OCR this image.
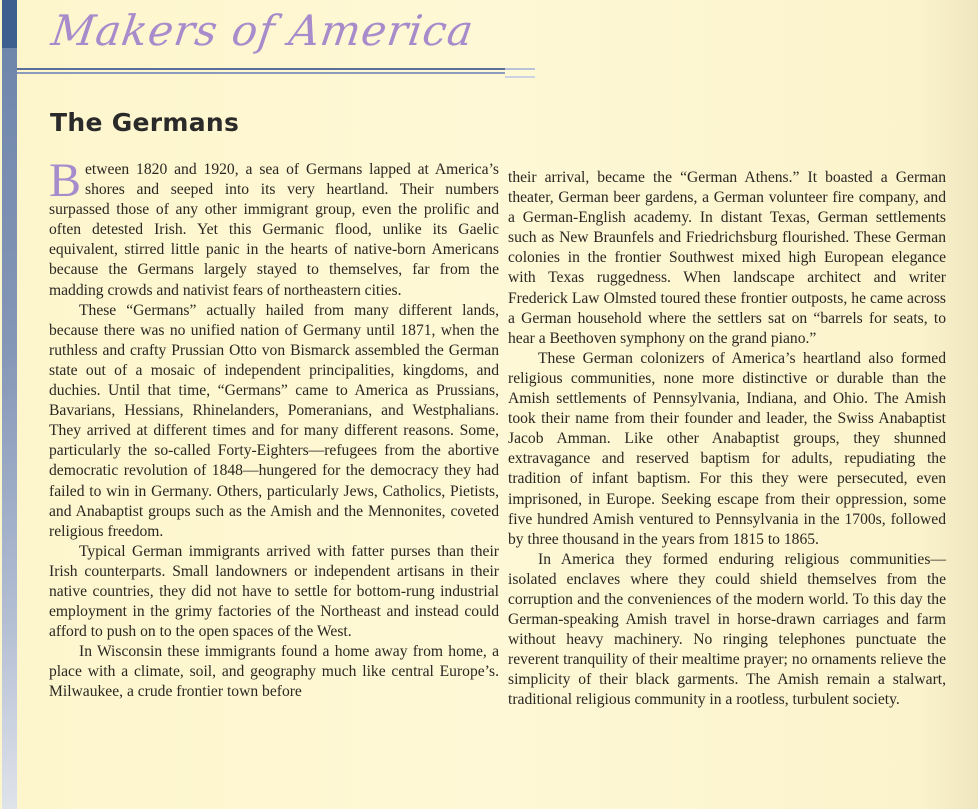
Makers of America
The Germans

Between 1820 and 1920, a sea of Germans lapped at America’s shores and seeped into its very heartland. Their numbers surpassed those of any other immigrant group, even the prolific and often detested Irish. Yet this Germanic flood, unlike its Gaelic equivalent, stirred little panic in the hearts of native-born Americans because the Germans largely stayed to themselves, far from the madding crowds and nativist fears of northeastern cities.

These “Germans” actually hailed from many different lands, because there was no unified nation of Germany until 1871, when the ruthless and crafty Prussian Otto von Bismarck assembled the German state out of a mosaic of independent principalities, kingdoms, and duchies. Until that time, “Germans” came to America as Prussians, Bavarians, Hessians, Rhinelanders, Pomeranians, and Westphalians. They arrived at different times and for many different reasons. Some, particularly the so-called Forty-Eighters—refugees from the abortive democratic revolution of 1848—hungered for the democracy they had failed to win in Germany. Others, particularly Jews, Catholics, Pietists, and Anabaptist groups such as the Amish and the Mennonites, coveted religious freedom.

Typical German immigrants arrived with fatter purses than their Irish counterparts. Small landowners or independent artisans in their native countries, they did not have to settle for bottom-rung industrial employment in the grimy factories of the Northeast and instead could afford to push on to the open spaces of the West.

In Wisconsin these immigrants found a home away from home, a place with a climate, soil, and geography much like central Europe’s. Milwaukee, a crude frontier town before

their arrival, became the “German Athens.” It boasted a German theater, German beer gardens, a German volunteer fire company, and a German-English academy. In distant Texas, German settlements such as New Braunfels and Friedrichsburg flourished. These German colonies in the frontier Southwest mixed high European elegance with Texas ruggedness. When landscape architect and writer Frederick Law Olmsted toured these frontier outposts, he came across a German household where the settlers sat on “barrels for seats, to hear a Beethoven symphony on the grand piano.”

These German colonizers of America’s heartland also formed religious communities, none more distinctive or durable than the Amish settlements of Pennsylvania, Indiana, and Ohio. The Amish took their name from their founder and leader, the Swiss Anabaptist Jacob Amman. Like other Anabaptist groups, they shunned extravagance and reserved baptism for adults, repudiating the tradition of infant baptism. For this they were persecuted, even imprisoned, in Europe. Seeking escape from their oppression, some five hundred Amish ventured to Pennsylvania in the 1700s, followed by three thousand in the years from 1815 to 1865.

In America they formed enduring religious communities—isolated enclaves where they could shield themselves from the corruption and the conveniences of the modern world. To this day the German-speaking Amish travel in horse-drawn carriages and farm without heavy machinery. No ringing telephones punctuate the reverent tranquility of their mealtime prayer; no ornaments relieve the simplicity of their black garments. The Amish remain a stalwart, traditional religious community in a rootless, turbulent society.
